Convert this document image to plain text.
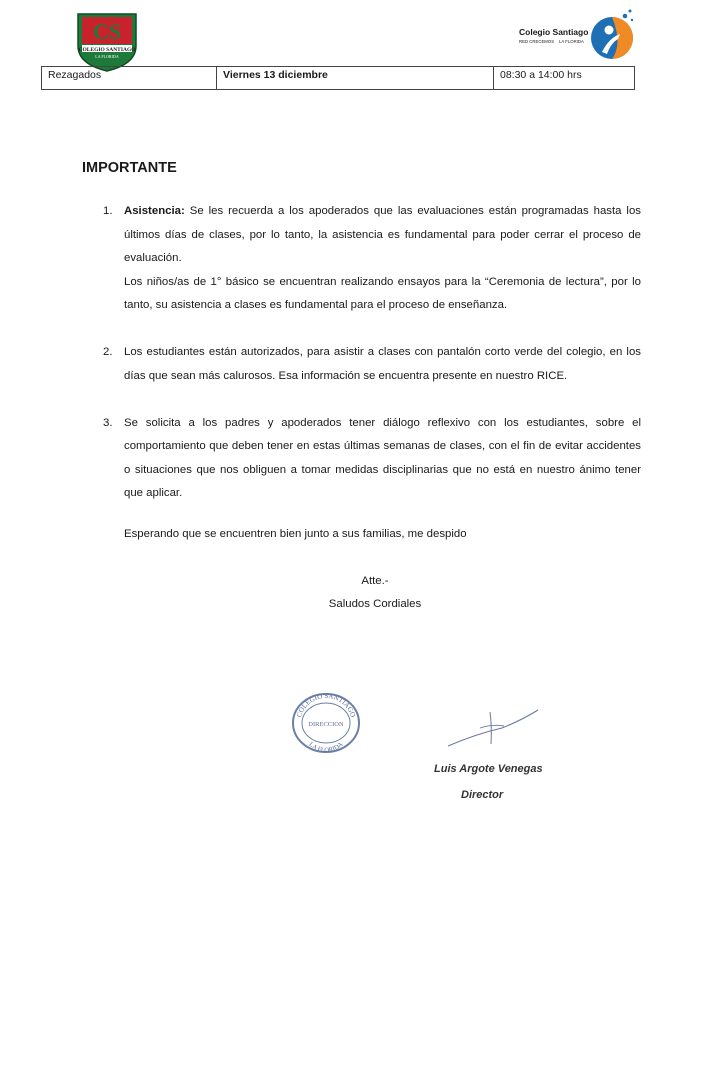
CS
COLEGIO SANTIAGO
LA FLORIDA
Colegio Santiago
RED CRECEMOS LA FLORIDA
Rezagados	Viernes 13 diciembre	08:30 a 14:00 hrs
IMPORTANTE
1. Asistencia: Se les recuerda a los apoderados que las evaluaciones están programadas hasta los últimos días de clases, por lo tanto, la asistencia es fundamental para poder cerrar el proceso de evaluación.

Los niños/as de 1° básico se encuentran realizando ensayos para la “Ceremonia de lectura”, por lo tanto, su asistencia a clases es fundamental para el proceso de enseñanza.

2. Los estudiantes están autorizados, para asistir a clases con pantalón corto verde del colegio, en los días que sean más calurosos. Esa información se encuentra presente en nuestro RICE.

3. Se solicita a los padres y apoderados tener diálogo reflexivo con los estudiantes, sobre el comportamiento que deben tener en estas últimas semanas de clases, con el fin de evitar accidentes o situaciones que nos obliguen a tomar medidas disciplinarias que no está en nuestro ánimo tener que aplicar.

Esperando que se encuentren bien junto a sus familias, me despido
Atte.-
Saludos Cordiales
COLEGIO SANTIAGO
DIRECCION
LA FLORIDA
Luis Argote Venegas
Director
